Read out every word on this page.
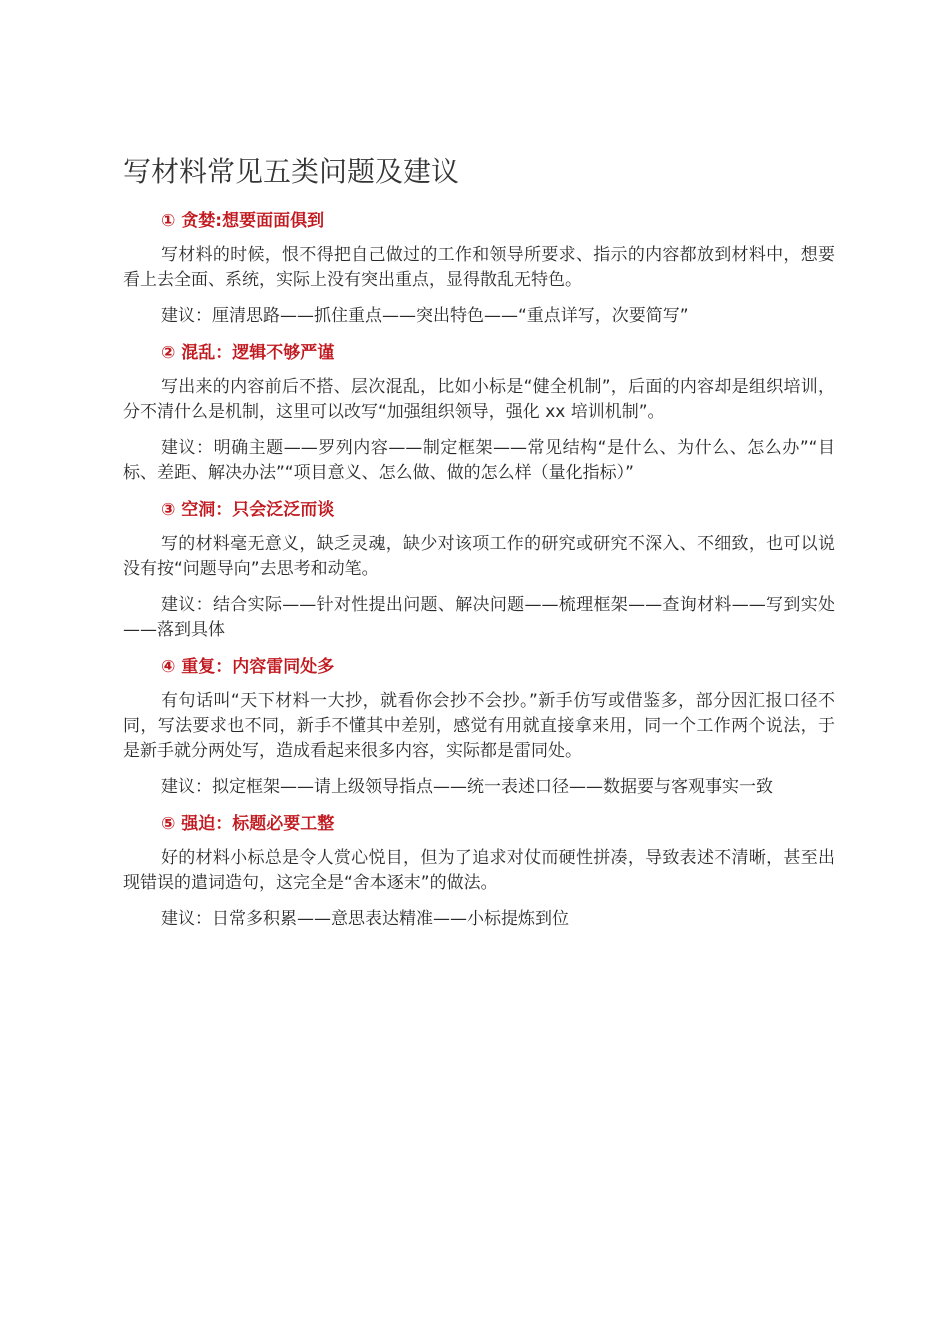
写材料常见五类问题及建议

① 贪婪:想要面面俱到

写材料的时候，恨不得把自己做过的工作和领导所要求、指示的内容都放到材料中，想要看上去全面、系统，实际上没有突出重点，显得散乱无特色。

建议：厘清思路——抓住重点——突出特色——“重点详写，次要简写”

② 混乱：逻辑不够严谨

写出来的内容前后不搭、层次混乱，比如小标是“健全机制”，后面的内容却是组织培训，分不清什么是机制，这里可以改写“加强组织领导，强化 xx 培训机制”。

建议：明确主题——罗列内容——制定框架——常见结构“是什么、为什么、怎么办”“目标、差距、解决办法”“项目意义、怎么做、做的怎么样（量化指标）”

③ 空洞：只会泛泛而谈

写的材料毫无意义，缺乏灵魂，缺少对该项工作的研究或研究不深入、不细致，也可以说没有按“问题导向”去思考和动笔。

建议：结合实际——针对性提出问题、解决问题——梳理框架——查询材料——写到实处——落到具体

④ 重复：内容雷同处多

有句话叫“天下材料一大抄，就看你会抄不会抄。”新手仿写或借鉴多，部分因汇报口径不同，写法要求也不同，新手不懂其中差别，感觉有用就直接拿来用，同一个工作两个说法，于是新手就分两处写，造成看起来很多内容，实际都是雷同处。

建议：拟定框架——请上级领导指点——统一表述口径——数据要与客观事实一致

⑤ 强迫：标题必要工整

好的材料小标总是令人赏心悦目，但为了追求对仗而硬性拼凑，导致表述不清晰，甚至出现错误的遣词造句，这完全是“舍本逐末”的做法。

建议：日常多积累——意思表达精准——小标提炼到位
